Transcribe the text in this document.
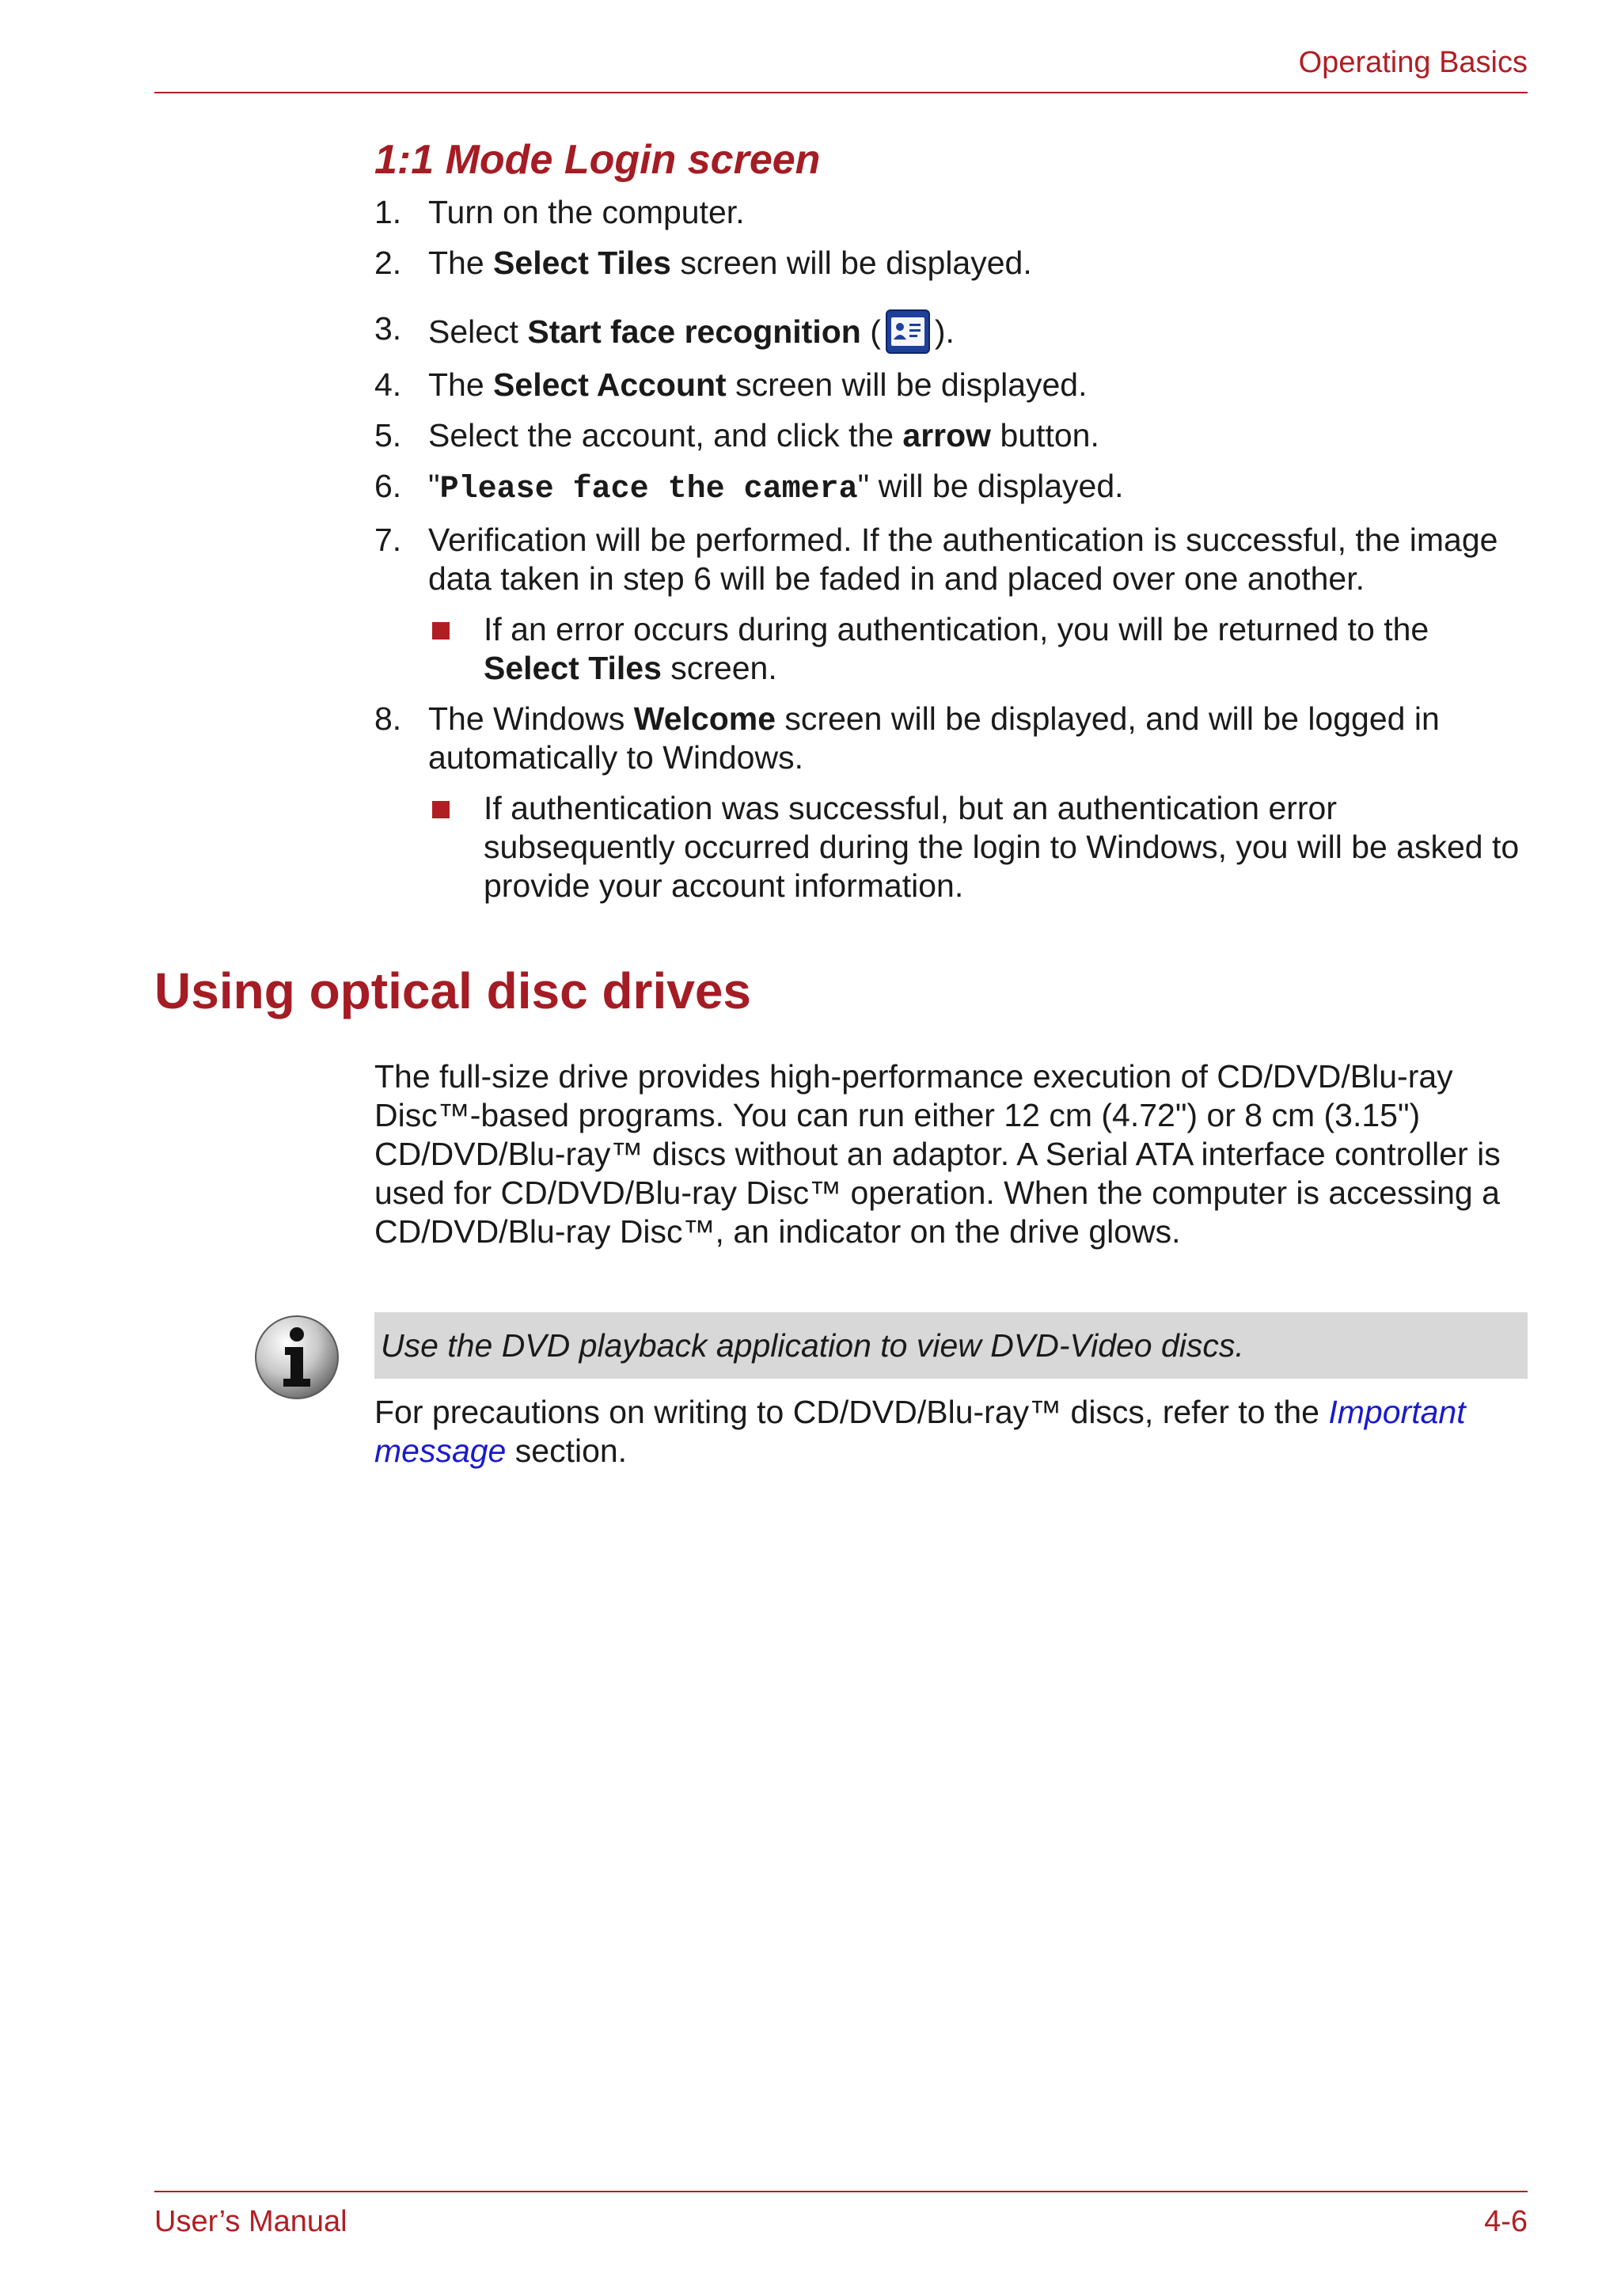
Operating Basics
1:1 Mode Login screen
1. Turn on the computer.
2. The Select Tiles screen will be displayed.
3. Select Start face recognition ( ).
4. The Select Account screen will be displayed.
5. Select the account, and click the arrow button.
6. "Please face the camera" will be displayed.
7. Verification will be performed. If the authentication is successful, the image data taken in step 6 will be faded in and placed over one another.
If an error occurs during authentication, you will be returned to the Select Tiles screen.
8. The Windows Welcome screen will be displayed, and will be logged in automatically to Windows.
If authentication was successful, but an authentication error subsequently occurred during the login to Windows, you will be asked to provide your account information.
Using optical disc drives

The full-size drive provides high-performance execution of CD/DVD/Blu-ray Disc™-based programs. You can run either 12 cm (4.72") or 8 cm (3.15") CD/DVD/Blu-ray™ discs without an adaptor. A Serial ATA interface controller is used for CD/DVD/Blu-ray Disc™ operation. When the computer is accessing a CD/DVD/Blu-ray Disc™, an indicator on the drive glows.

Use the DVD playback application to view DVD-Video discs.

For precautions on writing to CD/DVD/Blu-ray™ discs, refer to the Important message section.

User’s Manual	4-6
